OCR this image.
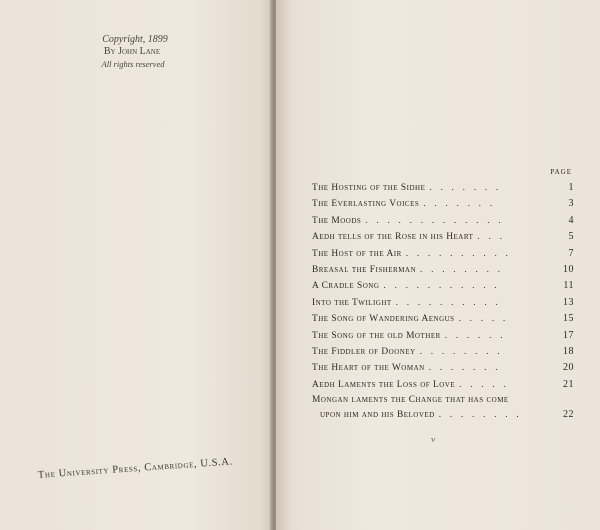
Copyright, 1899
By John Lane
All rights reserved
The University Press, Cambridge, U.S.A.
PAGE
The Hosting of the Sidhe . . . . . . .	1
The Everlasting Voices . . . . . . .	3
The Moods . . . . . . . . . . . . .	4
Aedh tells of the Rose in his Heart . . .	5
The Host of the Air . . . . . . . . . .	7
Breasal the Fisherman . . . . . . . .	10
A Cradle Song . . . . . . . . . . .	11
Into the Twilight . . . . . . . . . .	13
The Song of Wandering Aengus . . . . .	15
The Song of the old Mother . . . . . .	17
The Fiddler of Dooney . . . . . . . .	18
The Heart of the Woman . . . . . . .	20
Aedh Laments the Loss of Love . . . . .	21
Mongan laments the Change that has come
upon him and his Beloved . . . . . . . .	22
v
